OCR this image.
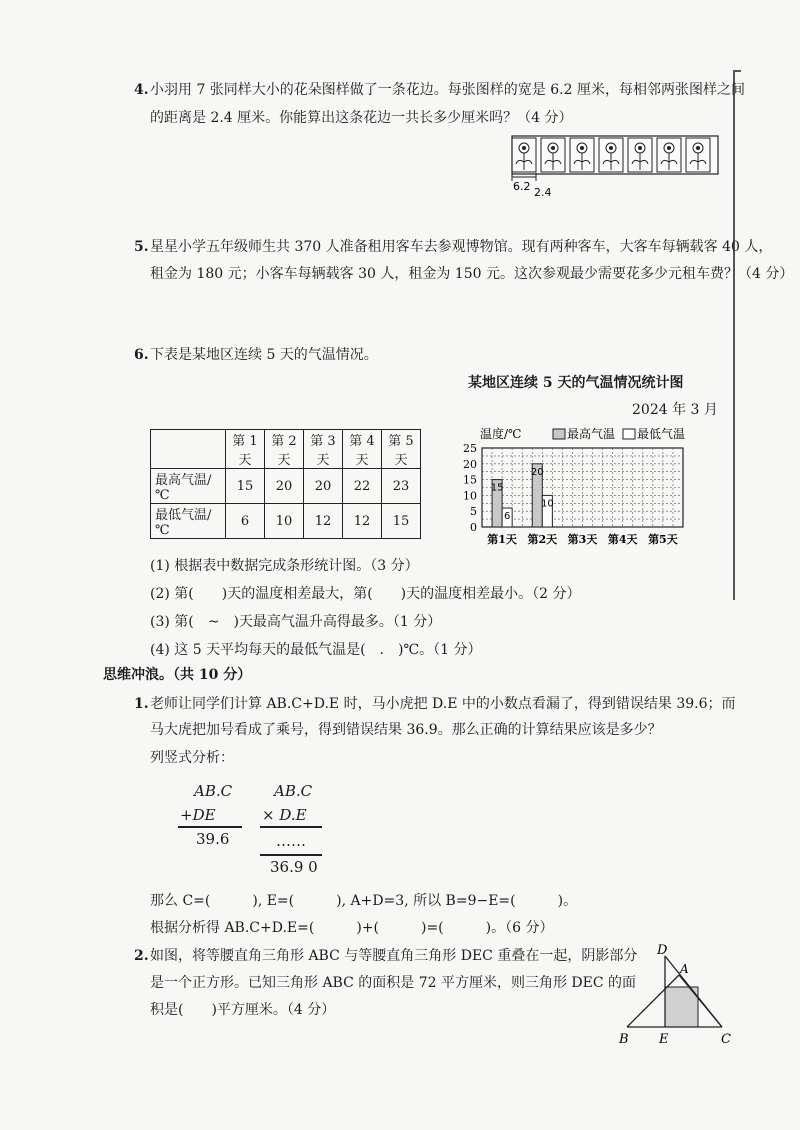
4. 小羽用 7 张同样大小的花朵图样做了一条花边。每张图样的宽是 6.2 厘米，每相邻两张图样之间
的距离是 2.4 厘米。你能算出这条花边一共长多少厘米吗？（4 分）
6.2 2.4
5. 星星小学五年级师生共 370 人准备租用客车去参观博物馆。现有两种客车，大客车每辆载客 40 人，
租金为 180 元；小客车每辆载客 30 人，租金为 150 元。这次参观最少需要花多少元租车费？（4 分）
6. 下表是某地区连续 5 天的气温情况。
	第 1 天	第 2 天	第 3 天	第 4 天	第 5 天
最高气温/℃	15	20	20	22	23
最低气温/℃	6	10	12	12	15
某地区连续 5 天的气温情况统计图
2024 年 3 月
温度/℃	最高气温 最低气温
0
5
10
15
20
25
15
6
20
10
第1天 第2天 第3天 第4天 第5天
(1) 根据表中数据完成条形统计图。（3 分）
(2) 第(　　)天的温度相差最大，第(　　)天的温度相差最小。（2 分）
(3) 第(　~　)天最高气温升高得最多。（1 分）
(4) 这 5 天平均每天的最低气温是(　.　)℃。（1 分）
思维冲浪。（共 10 分）
1. 老师让同学们计算 AB.C+D.E 时，马小虎把 D.E 中的小数点看漏了，得到错误结果 39.6；而
马大虎把加号看成了乘号，得到错误结果 36.9。那么正确的计算结果应该是多少？
列竖式分析：
AB.C
+DE
39.6
AB.C
× D.E
……
36.9 0
那么 C=(　　　), E=(　　　), A+D=3, 所以 B=9−E=(　　　)。
根据分析得 AB.C+D.E=(　　　)+(　　　)=(　　　)。（6 分）
2. 如图，将等腰直角三角形 ABC 与等腰直角三角形 DEC 重叠在一起，阴影部分
是一个正方形。已知三角形 ABC 的面积是 72 平方厘米，则三角形 DEC 的面
积是(　　)平方厘米。（4 分）
D
A
B E	C
